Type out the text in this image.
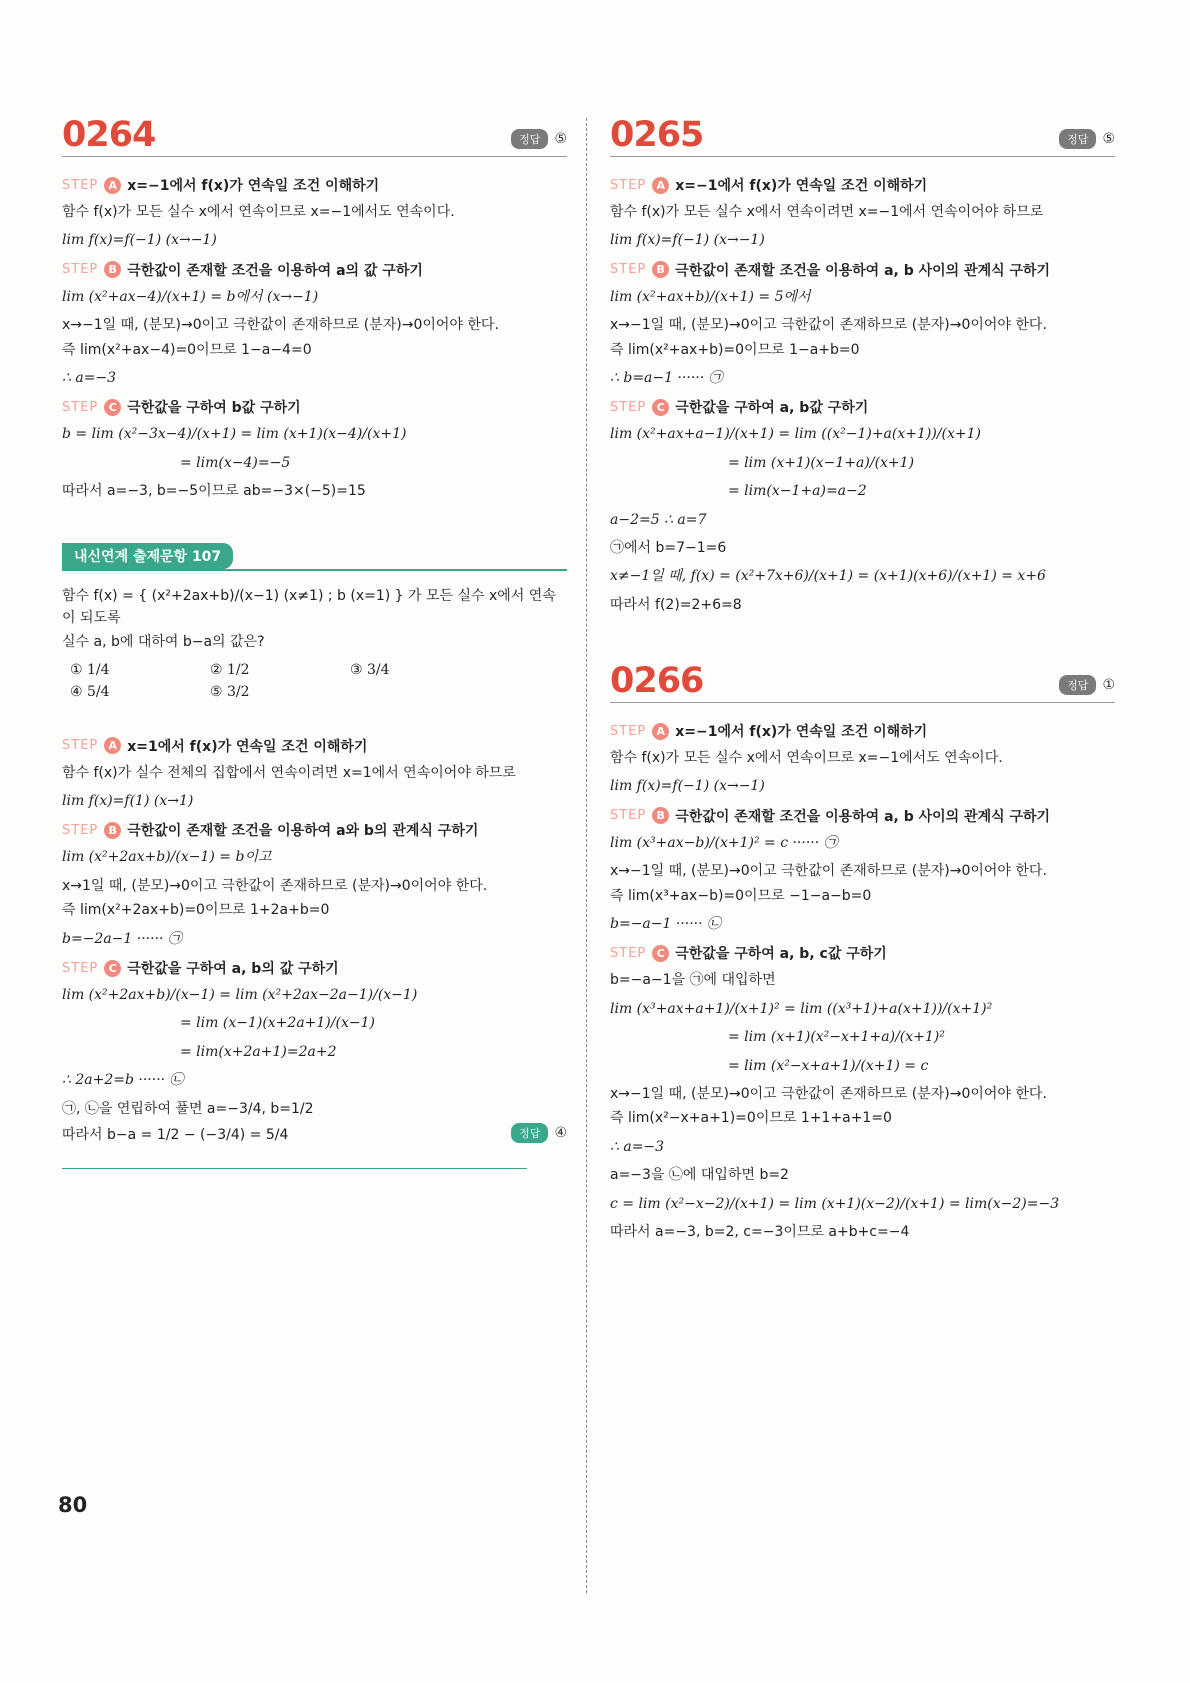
0264	정답	⑤
STEP A x=−1에서 f(x)가 연속일 조건 이해하기
함수 f(x)가 모든 실수 x에서 연속이므로 x=−1에서도 연속이다.
lim f(x)=f(−1) (x→−1)
STEP B 극한값이 존재할 조건을 이용하여 a의 값 구하기
lim (x²+ax−4)/(x+1) = b에서 (x→−1)
x→−1일 때, (분모)→0이고 극한값이 존재하므로 (분자)→0이어야 한다.
즉 lim(x²+ax−4)=0이므로 1−a−4=0
∴ a=−3
STEP C 극한값을 구하여 b값 구하기
b = lim (x²−3x−4)/(x+1) = lim (x+1)(x−4)/(x+1)
= lim(x−4)=−5
따라서 a=−3, b=−5이므로 ab=−3×(−5)=15
내신연계 출제문항 107
함수 f(x) = { (x²+2ax+b)/(x−1) (x≠1) ; b (x=1) } 가 모든 실수 x에서 연속이 되도록
실수 a, b에 대하여 b−a의 값은?
① 1/4	② 1/2	③ 3/4
④ 5/4	⑤ 3/2
STEP A x=1에서 f(x)가 연속일 조건 이해하기
함수 f(x)가 실수 전체의 집합에서 연속이려면 x=1에서 연속이어야 하므로
lim f(x)=f(1) (x→1)
STEP B 극한값이 존재할 조건을 이용하여 a와 b의 관계식 구하기
lim (x²+2ax+b)/(x−1) = b이고
x→1일 때, (분모)→0이고 극한값이 존재하므로 (분자)→0이어야 한다.
즉 lim(x²+2ax+b)=0이므로 1+2a+b=0
b=−2a−1 ······ ㉠
STEP C 극한값을 구하여 a, b의 값 구하기
lim (x²+2ax+b)/(x−1) = lim (x²+2ax−2a−1)/(x−1)
= lim (x−1)(x+2a+1)/(x−1)
= lim(x+2a+1)=2a+2
∴ 2a+2=b ······ ㉡
㉠, ㉡을 연립하여 풀면 a=−3/4, b=1/2
따라서 b−a = 1/2 − (−3/4) = 5/4	정답	④
0265	정답	⑤
STEP A x=−1에서 f(x)가 연속일 조건 이해하기
함수 f(x)가 모든 실수 x에서 연속이려면 x=−1에서 연속이어야 하므로
lim f(x)=f(−1) (x→−1)
STEP B 극한값이 존재할 조건을 이용하여 a, b 사이의 관계식 구하기
lim (x²+ax+b)/(x+1) = 5에서
x→−1일 때, (분모)→0이고 극한값이 존재하므로 (분자)→0이어야 한다.
즉 lim(x²+ax+b)=0이므로 1−a+b=0
∴ b=a−1 ······ ㉠
STEP C 극한값을 구하여 a, b값 구하기
lim (x²+ax+a−1)/(x+1) = lim ((x²−1)+a(x+1))/(x+1)
= lim (x+1)(x−1+a)/(x+1)
= lim(x−1+a)=a−2
a−2=5 ∴ a=7
㉠에서 b=7−1=6
x≠−1일 때, f(x) = (x²+7x+6)/(x+1) = (x+1)(x+6)/(x+1) = x+6
따라서 f(2)=2+6=8
0266	정답	①
STEP A x=−1에서 f(x)가 연속일 조건 이해하기
함수 f(x)가 모든 실수 x에서 연속이므로 x=−1에서도 연속이다.
lim f(x)=f(−1) (x→−1)
STEP B 극한값이 존재할 조건을 이용하여 a, b 사이의 관계식 구하기
lim (x³+ax−b)/(x+1)² = c ······ ㉠
x→−1일 때, (분모)→0이고 극한값이 존재하므로 (분자)→0이어야 한다.
즉 lim(x³+ax−b)=0이므로 −1−a−b=0
b=−a−1 ······ ㉡
STEP C 극한값을 구하여 a, b, c값 구하기
b=−a−1을 ㉠에 대입하면
lim (x³+ax+a+1)/(x+1)² = lim ((x³+1)+a(x+1))/(x+1)²
= lim (x+1)(x²−x+1+a)/(x+1)²
= lim (x²−x+a+1)/(x+1) = c
x→−1일 때, (분모)→0이고 극한값이 존재하므로 (분자)→0이어야 한다.
즉 lim(x²−x+a+1)=0이므로 1+1+a+1=0
∴ a=−3
a=−3을 ㉡에 대입하면 b=2
c = lim (x²−x−2)/(x+1) = lim (x+1)(x−2)/(x+1) = lim(x−2)=−3
따라서 a=−3, b=2, c=−3이므로 a+b+c=−4
80
